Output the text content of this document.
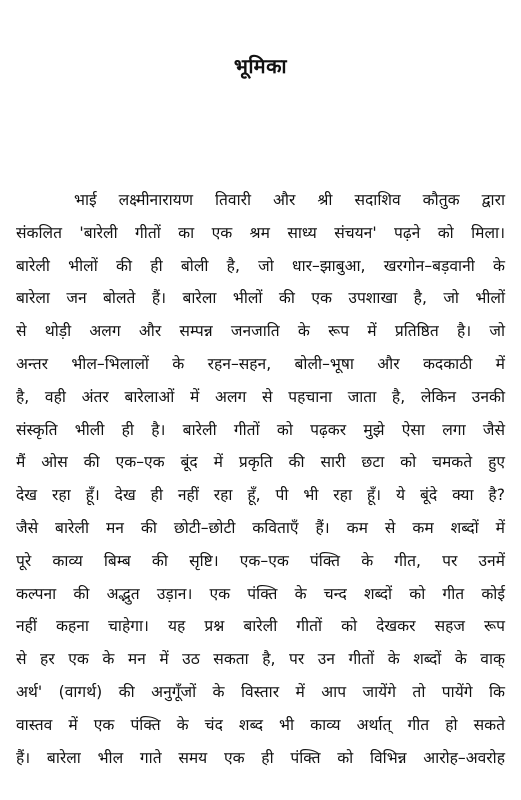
भूमिका
भाई लक्ष्मीनारायण तिवारी और श्री सदाशिव कौतुक द्वारा
संकलित 'बारेली गीतों का एक श्रम साध्य संचयन' पढ़ने को मिला।
बारेली भीलों की ही बोली है, जो धार–झाबुआ, खरगोन–बड़वानी के
बारेला जन बोलते हैं। बारेला भीलों की एक उपशाखा है, जो भीलों
से थोड़ी अलग और सम्पन्न जनजाति के रूप में प्रतिष्ठित है। जो
अन्तर भील–भिलालों के रहन–सहन, बोली–भूषा और कदकाठी में
है, वही अंतर बारेलाओं में अलग से पहचाना जाता है, लेकिन उनकी
संस्कृति भीली ही है। बारेली गीतों को पढ़कर मुझे ऐसा लगा जैसे
मैं ओस की एक–एक बूंद में प्रकृति की सारी छटा को चमकते हुए
देख रहा हूँ। देख ही नहीं रहा हूँ, पी भी रहा हूँ। ये बूंदे क्या है?
जैसे बारेली मन की छोटी–छोटी कविताएँ हैं। कम से कम शब्दों में
पूरे काव्य बिम्ब की सृष्टि। एक–एक पंक्ति के गीत, पर उनमें
कल्पना की अद्भुत उड़ान। एक पंक्ति के चन्द शब्दों को गीत कोई
नहीं कहना चाहेगा। यह प्रश्न बारेली गीतों को देखकर सहज रूप
से हर एक के मन में उठ सकता है, पर उन गीतों के शब्दों के वाक्
अर्थ' (वागर्थ) की अनुगूँजों के विस्तार में आप जायेंगे तो पायेंगे कि
वास्तव में एक पंक्ति के चंद शब्द भी काव्य अर्थात् गीत हो सकते
हैं। बारेला भील गाते समय एक ही पंक्ति को विभिन्न आरोह–अवरोह
